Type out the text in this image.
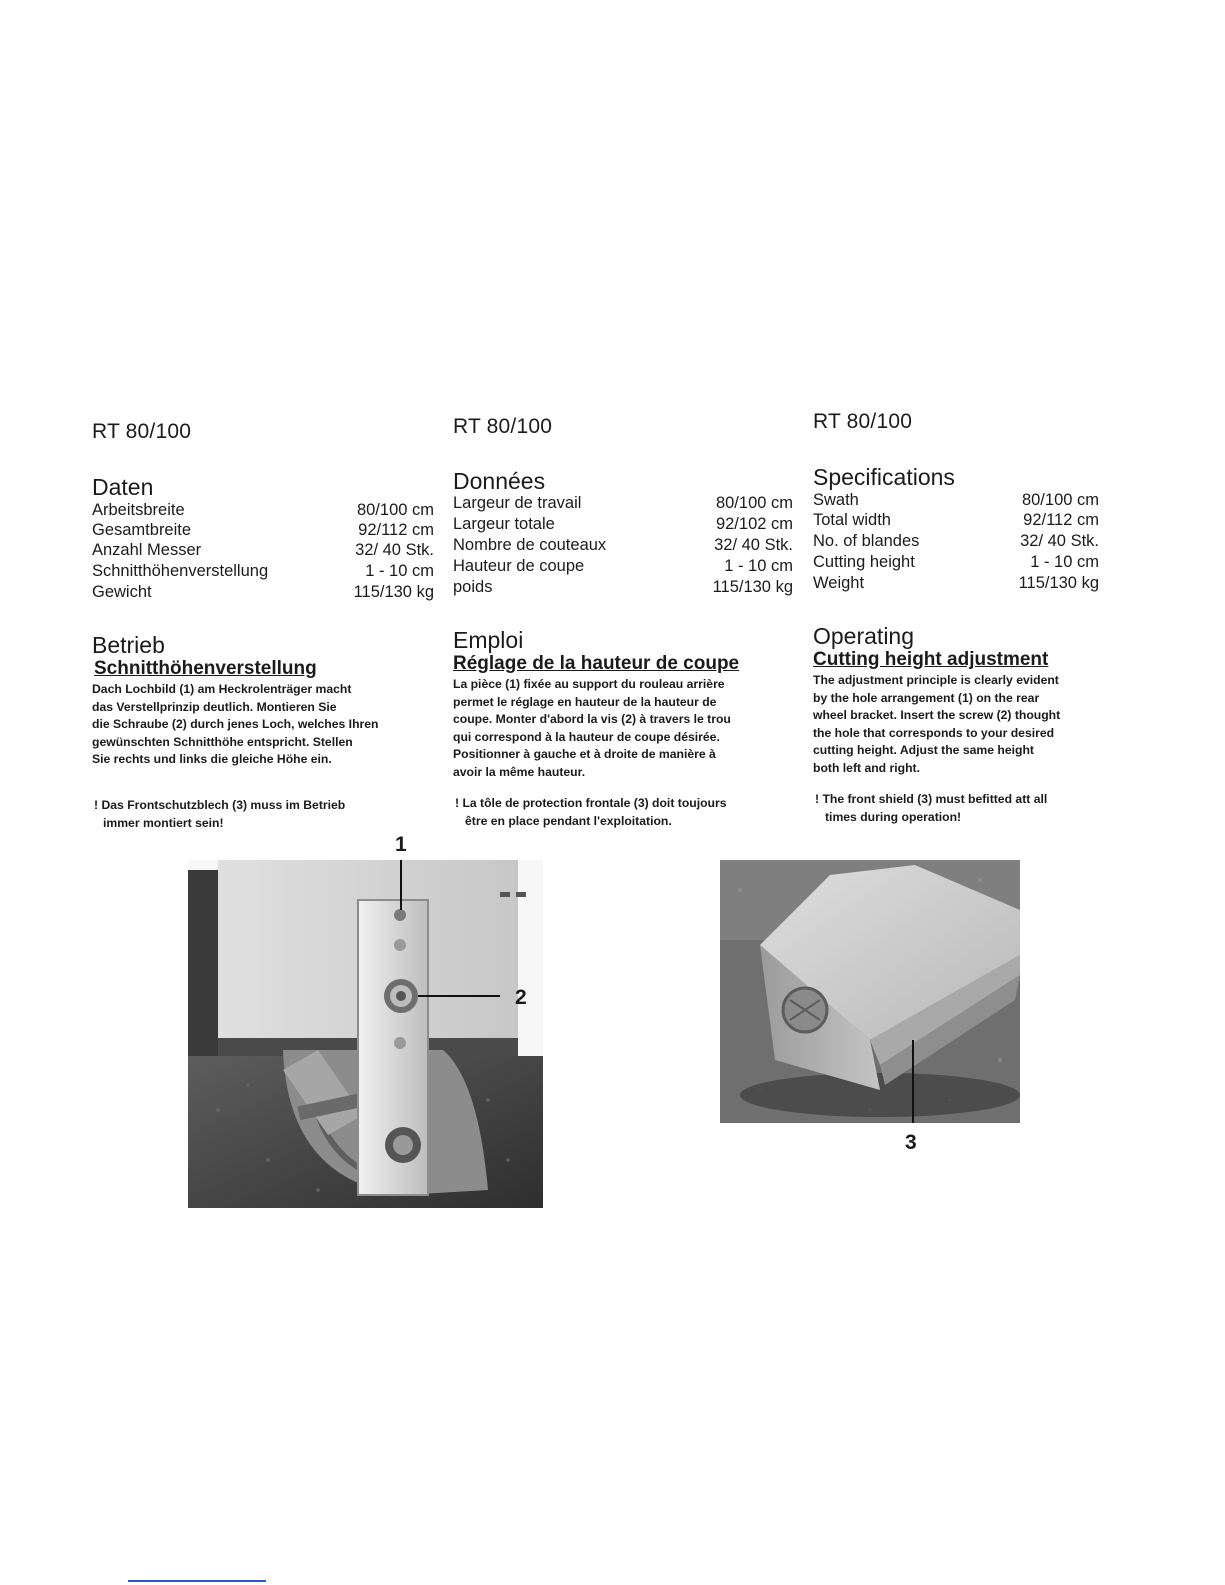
RT 80/100
Daten
Arbeitsbreite	80/100 cm
Gesamtbreite	92/112 cm
Anzahl Messer	32/ 40 Stk.
Schnitthöhenverstellung	1 - 10 cm
Gewicht	115/130 kg
Betrieb
Schnitthöhenverstellung
Dach Lochbild (1) am Heckrolenträger macht
das Verstellprinzip deutlich. Montieren Sie
die Schraube (2) durch jenes Loch, welches Ihren
gewünschten Schnitthöhe entspricht. Stellen
Sie rechts und links die gleiche Höhe ein.
! Das Frontschutzblech (3) muss im Betrieb
immer montiert sein!
RT 80/100
Données
Largeur de travail	80/100 cm
Largeur totale	92/102 cm
Nombre de couteaux	32/ 40 Stk.
Hauteur de coupe	1 - 10 cm
poids	115/130 kg
Emploi
Réglage de la hauteur de coupe
La pièce (1) fixée au support du rouleau arrière
permet le réglage en hauteur de la hauteur de
coupe. Monter d'abord la vis (2) à travers le trou
qui correspond à la hauteur de coupe désirée.
Positionner à gauche et à droite de manière à
avoir la même hauteur.
! La tôle de protection frontale (3) doit toujours
être en place pendant l'exploitation.
RT 80/100
Specifications
Swath	80/100 cm
Total width	92/112 cm
No. of blandes	32/ 40 Stk.
Cutting height	1 - 10 cm
Weight	115/130 kg
Operating
Cutting height adjustment
The adjustment principle is clearly evident
by the hole arrangement (1) on the rear
wheel bracket. Insert the screw (2) thought
the hole that corresponds to your desired
cutting height. Adjust the same height
both left and right.
! The front shield (3) must befitted att all
times during operation!
1
2
3
